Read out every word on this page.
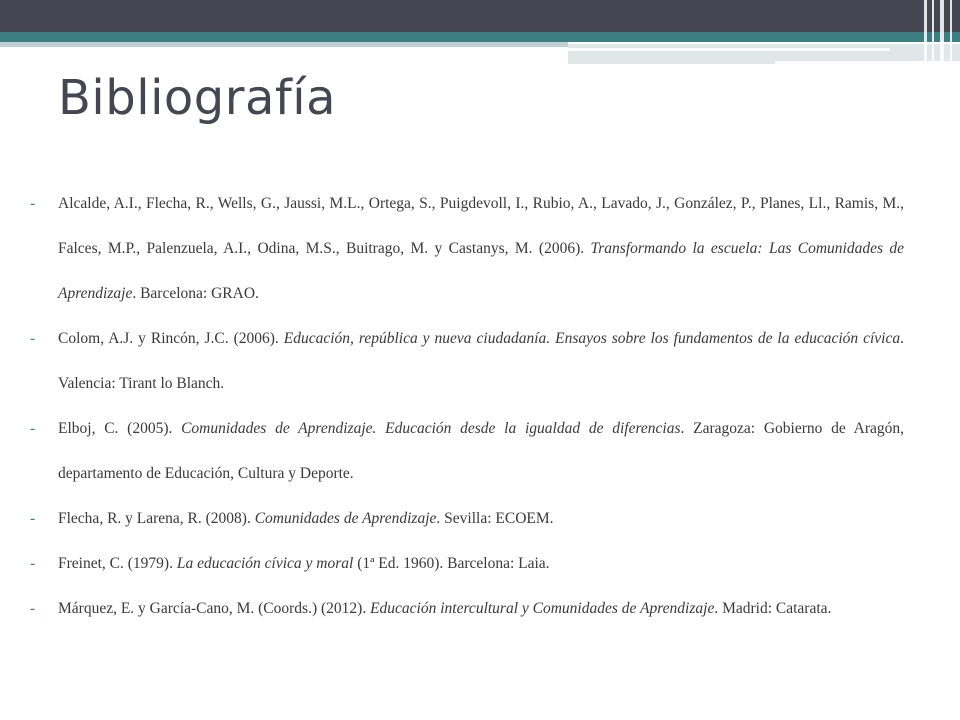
Bibliografía
- Alcalde, A.I., Flecha, R., Wells, G., Jaussi, M.L., Ortega, S., Puigdevoll, I., Rubio, A., Lavado, J., González, P., Planes, Ll., Ramis, M., Falces, M.P., Palenzuela, A.I., Odina, M.S., Buitrago, M. y Castanys, M. (2006). Transformando la escuela: Las Comunidades de Aprendizaje. Barcelona: GRAO.
- Colom, A.J. y Rincón, J.C. (2006). Educación, república y nueva ciudadanía. Ensayos sobre los fundamentos de la educación cívica. Valencia: Tirant lo Blanch.
- Elboj, C. (2005). Comunidades de Aprendizaje. Educación desde la igualdad de diferencias. Zaragoza: Gobierno de Aragón, departamento de Educación, Cultura y Deporte.
- Flecha, R. y Larena, R. (2008). Comunidades de Aprendizaje. Sevilla: ECOEM.
- Freinet, C. (1979). La educación cívica y moral (1ª Ed. 1960). Barcelona: Laia.
- Márquez, E. y García-Cano, M. (Coords.) (2012). Educación intercultural y Comunidades de Aprendizaje. Madrid: Catarata.
